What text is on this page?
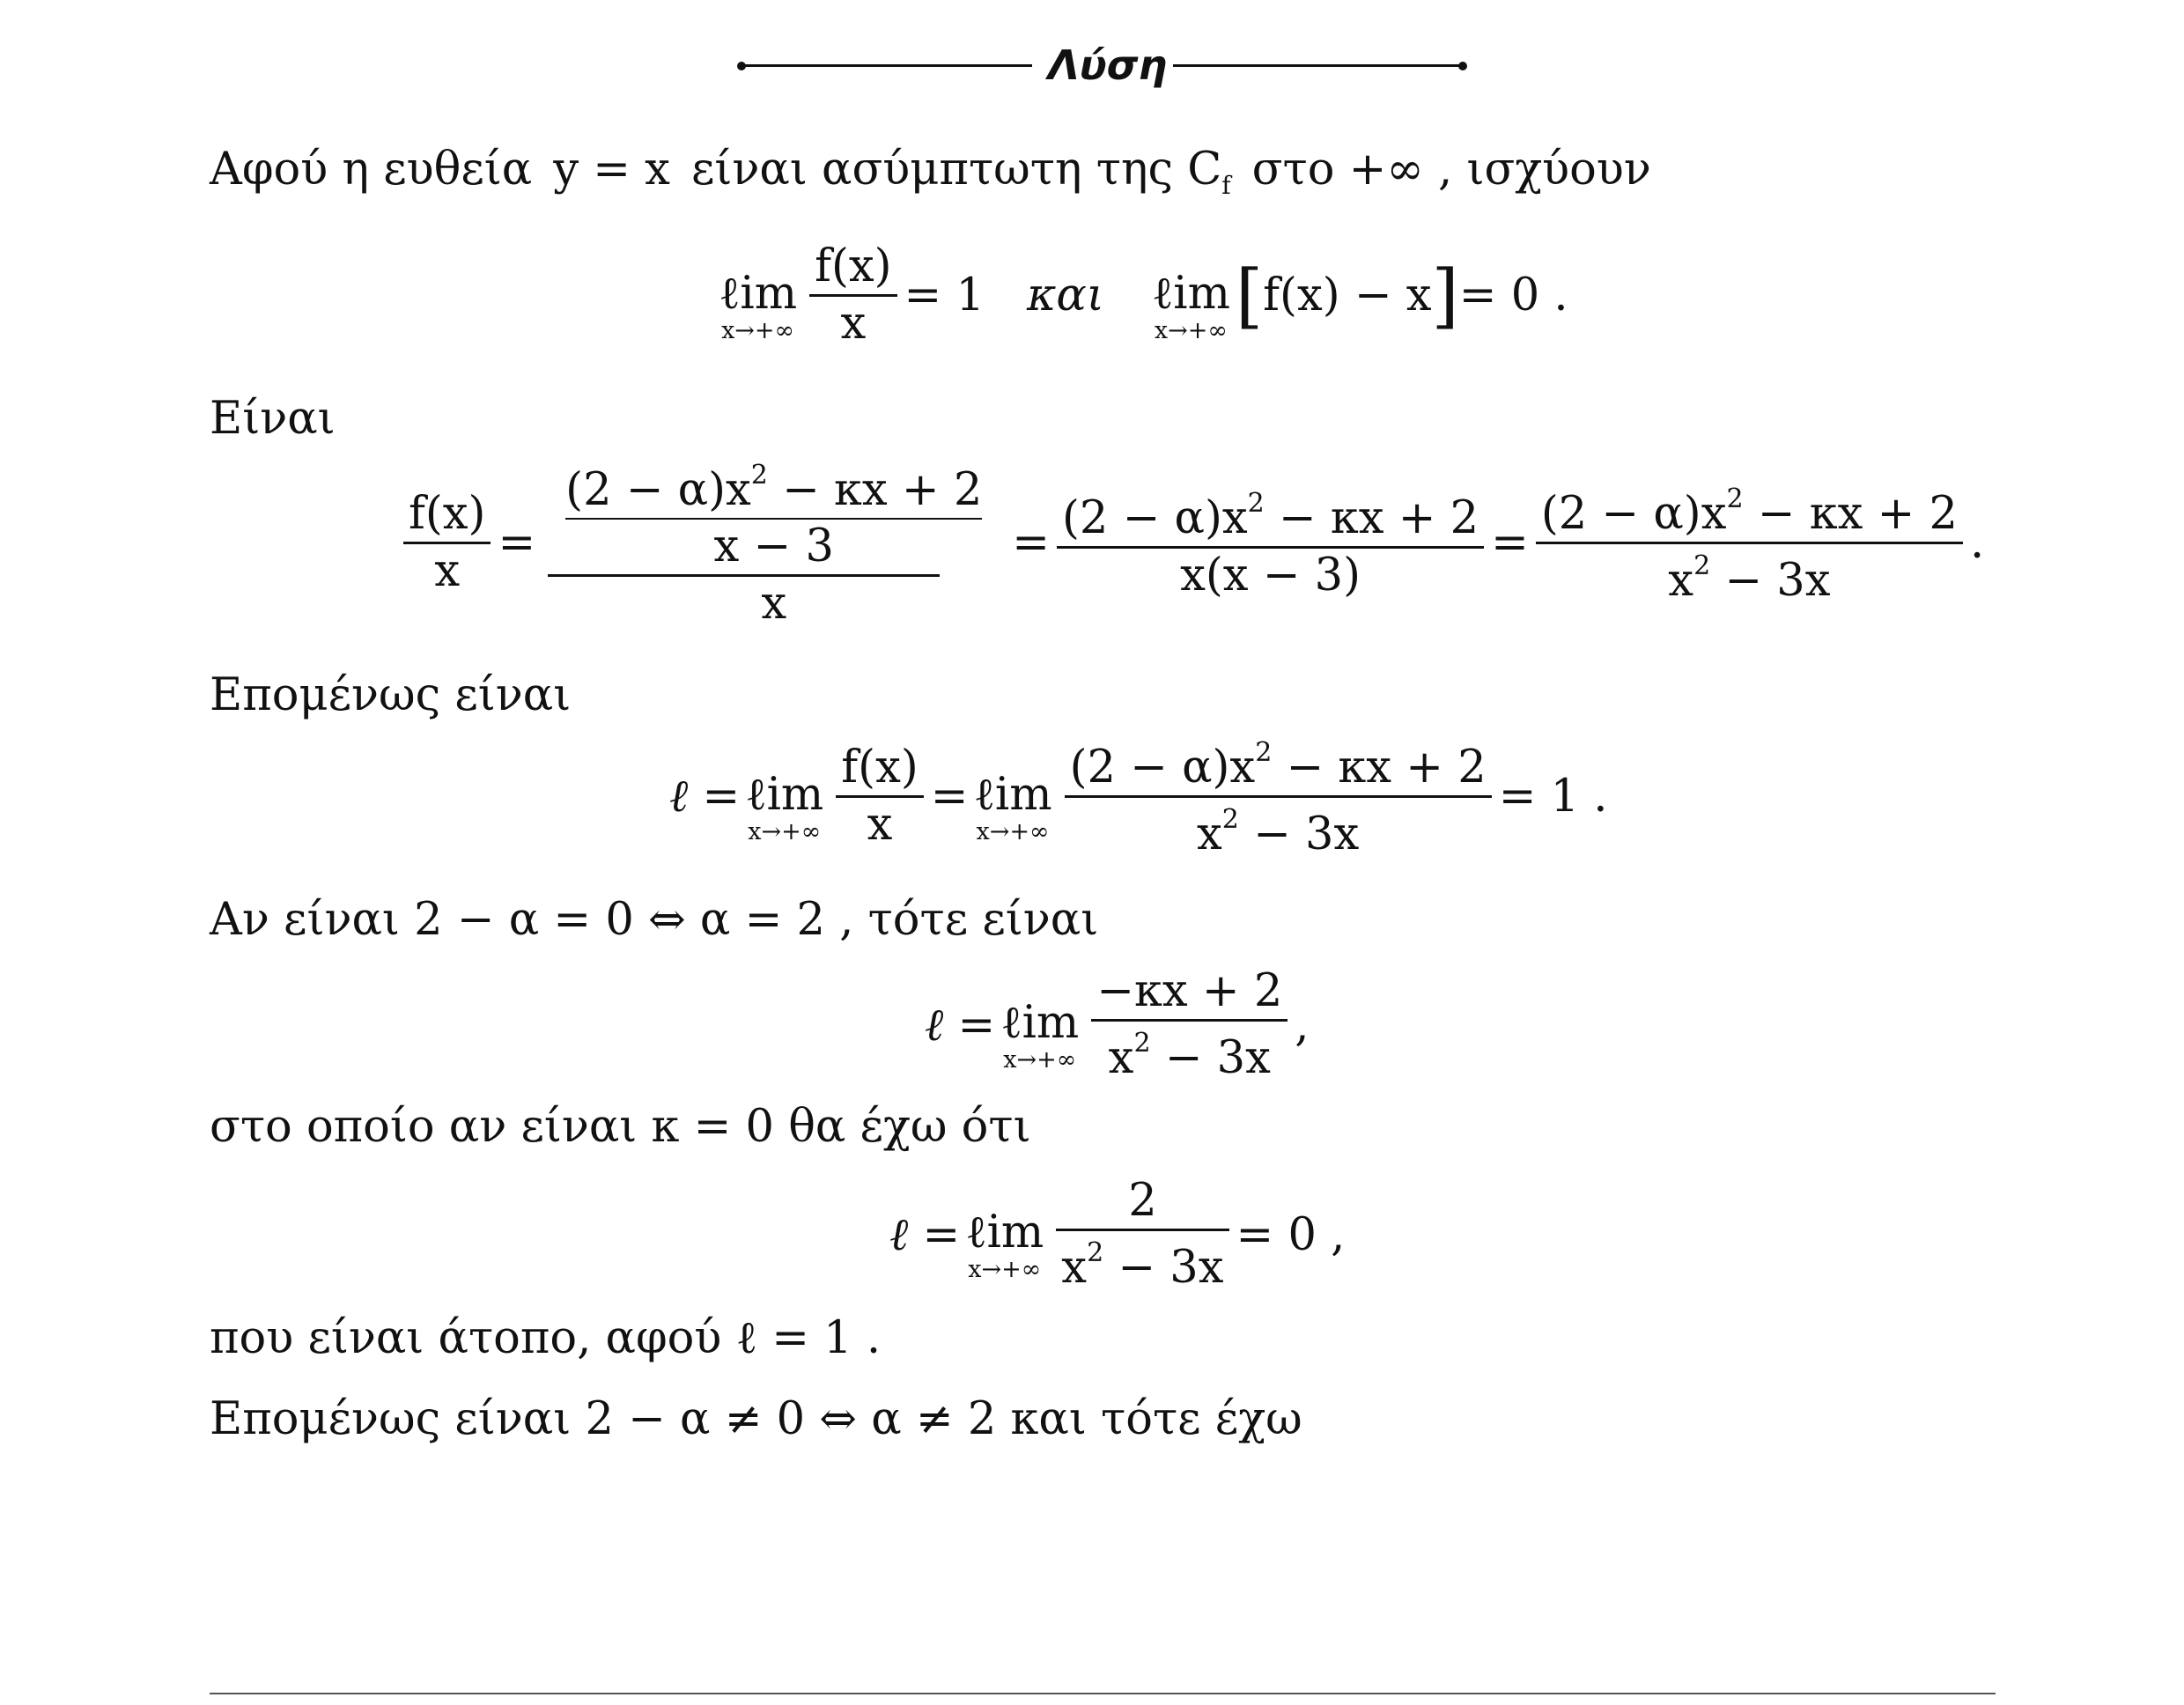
Λύση
Αφού η ευθεία y = x είναι ασύμπτωτη της $C_f$ στο +∞ , ισχύουν
ℓim
$x\to+\infty \frac{f(x)}{x} = 1$ και ℓim
x→+∞ [ f(x) − x ] = 0 .
Είναι
$\frac{f(x)}{x} = (2 - \alpha)x^2 - \kappa x + 2$
x − 3
$x = \frac{(2 - \alpha)x^2 - \kappa x + 2}{x(x - 3)} = \frac{(2 - \alpha)x^2 - \kappa x + 2}{x^2 - 3x}$ .
Επομένως είναι
ℓ = ℓim
$x\to+\infty \frac{f(x)}{x}$ = ℓim
$x\to+\infty \frac{(2 - \alpha)x^2 - \kappa x + 2}{x^2 - 3x} = 1$ .
Αν είναι 2 − α = 0 ⇔ α = 2 , τότε είναι
ℓ = ℓim
$x\to+\infty \frac{-\kappa x + 2}{x^2 - 3x}$ ,
στο οποίο αν είναι κ = 0 θα έχω ότι
ℓ = ℓim
$x\to+\infty \frac{2}{x^2 - 3x} = 0$ ,
που είναι άτοπο, αφού ℓ = 1 .
Επομένως είναι 2 − α ≠ 0 ⇔ α ≠ 2 και τότε έχω
